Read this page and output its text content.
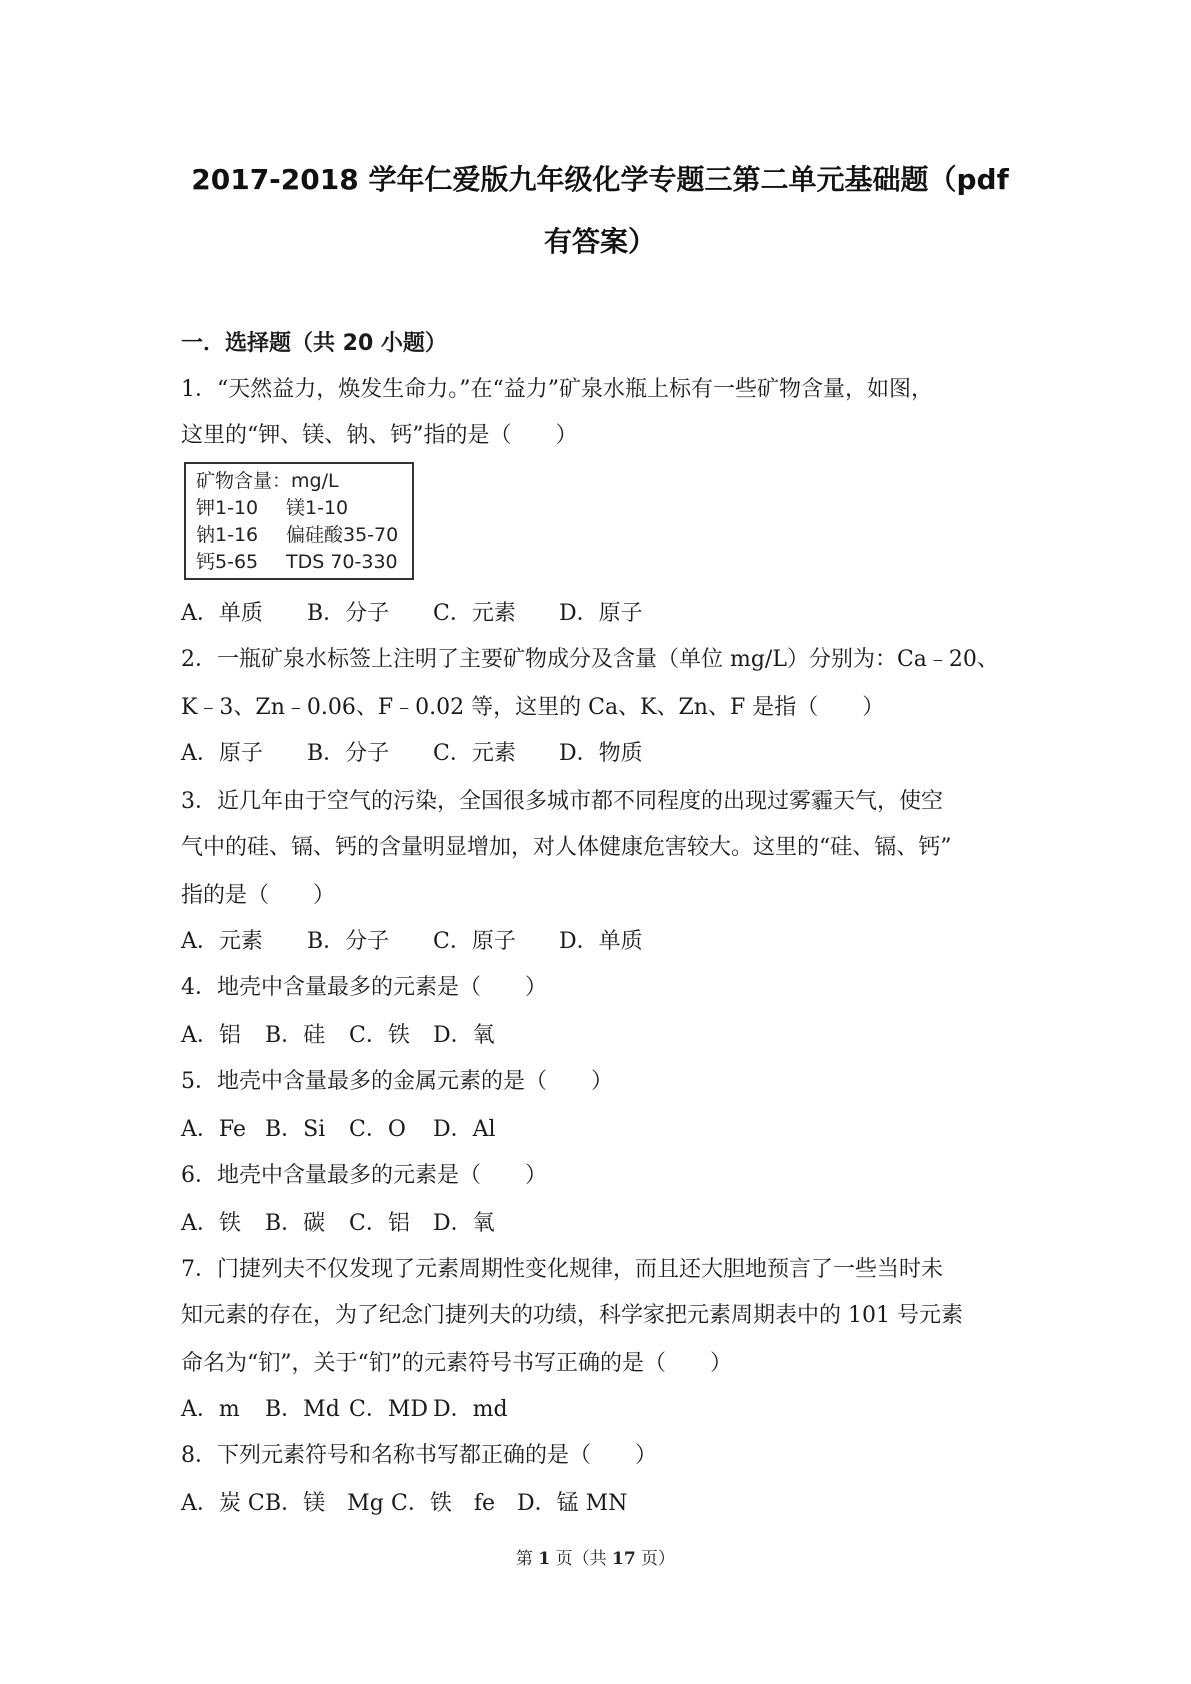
2017-2018 学年仁爱版九年级化学专题三第二单元基础题（pdf
有答案）
一．选择题（共 20 小题）
1．“天然益力，焕发生命力。”在“益力”矿泉水瓶上标有一些矿物含量，如图，
这里的“钾、镁、钠、钙”指的是（　　）
矿物含量：mg/L
钾1-10 镁1-10
钠1-16 偏硅酸35-70
钙5-65 TDS 70-330
A．单质 B．分子 C．元素 D．原子
2．一瓶矿泉水标签上注明了主要矿物成分及含量（单位 mg/L）分别为：Ca﹣20、
K﹣3、Zn﹣0.06、F﹣0.02 等，这里的 Ca、K、Zn、F 是指（　　）
A．原子 B．分子 C．元素 D．物质
3．近几年由于空气的污染，全国很多城市都不同程度的出现过雾霾天气，使空
气中的硅、镉、钙的含量明显增加，对人体健康危害较大。这里的“硅、镉、钙”
指的是（　　）
A．元素 B．分子 C．原子 D．单质
4．地壳中含量最多的元素是（　　）
A．铝 B．硅 C．铁 D．氧
5．地壳中含量最多的金属元素的是（　　）
A．Fe B．Si C．O D．Al
6．地壳中含量最多的元素是（　　）
A．铁 B．碳 C．铝 D．氧
7．门捷列夫不仅发现了元素周期性变化规律，而且还大胆地预言了一些当时未
知元素的存在，为了纪念门捷列夫的功绩，科学家把元素周期表中的 101 号元素
命名为“钔”，关于“钔”的元素符号书写正确的是（　　）
A．m B．Md C．MD D．md
8．下列元素符号和名称书写都正确的是（　　）
A．炭 CB．镁　Mg C．铁　fe D．锰 MN
第 1 页（共 17 页）
